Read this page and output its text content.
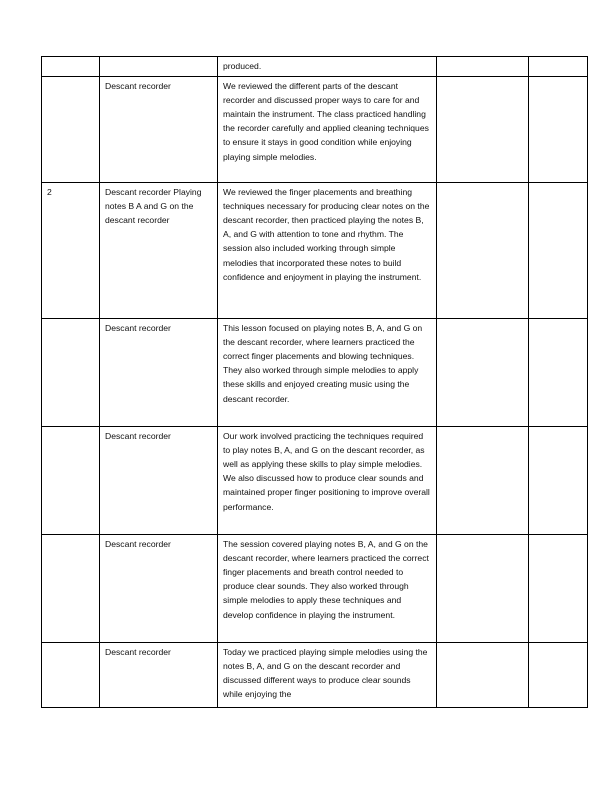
		produced.		
	Descant recorder	We reviewed the different parts of the descant recorder and discussed proper ways to care for and maintain the instrument. The class practiced handling the recorder carefully and applied cleaning techniques to ensure it stays in good condition while enjoying playing simple melodies.		
2	Descant recorder Playing notes B A and G on the descant recorder	We reviewed the finger placements and breathing techniques necessary for producing clear notes on the descant recorder, then practiced playing the notes B, A, and G with attention to tone and rhythm. The session also included working through simple melodies that incorporated these notes to build confidence and enjoyment in playing the instrument.		
	Descant recorder	This lesson focused on playing notes B, A, and G on the descant recorder, where learners practiced the correct finger placements and blowing techniques. They also worked through simple melodies to apply these skills and enjoyed creating music using the descant recorder.		
	Descant recorder	Our work involved practicing the techniques required to play notes B, A, and G on the descant recorder, as well as applying these skills to play simple melodies. We also discussed how to produce clear sounds and maintained proper finger positioning to improve overall performance.		
	Descant recorder	The session covered playing notes B, A, and G on the descant recorder, where learners practiced the correct finger placements and breath control needed to produce clear sounds. They also worked through simple melodies to apply these techniques and develop confidence in playing the instrument.		
	Descant recorder	Today we practiced playing simple melodies using the notes B, A, and G on the descant recorder and discussed different ways to produce clear sounds while enjoying the		
